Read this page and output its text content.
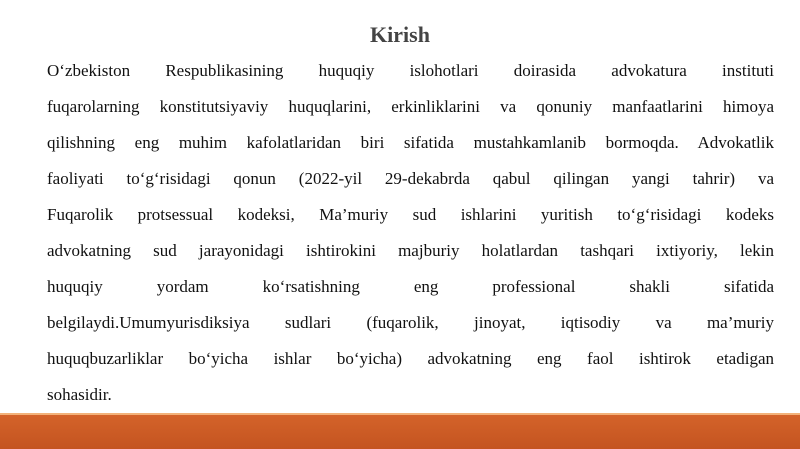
Kirish
O‘zbekiston Respublikasining huquqiy islohotlari doirasida advokatura instituti
fuqarolarning konstitutsiyaviy huquqlarini, erkinliklarini va qonuniy manfaatlarini himoya
qilishning eng muhim kafolatlaridan biri sifatida mustahkamlanib bormoqda. Advokatlik
faoliyati to‘g‘risidagi qonun (2022-yil 29-dekabrda qabul qilingan yangi tahrir) va
Fuqarolik protsessual kodeksi, Ma’muriy sud ishlarini yuritish to‘g‘risidagi kodeks
advokatning sud jarayonidagi ishtirokini majburiy holatlardan tashqari ixtiyoriy, lekin
huquqiy yordam ko‘rsatishning eng professional shakli sifatida
belgilaydi.Umumyurisdiksiya sudlari (fuqarolik, jinoyat, iqtisodiy va ma’muriy
huquqbuzarliklar bo‘yicha ishlar bo‘yicha) advokatning eng faol ishtirok etadigan
sohasidir.
